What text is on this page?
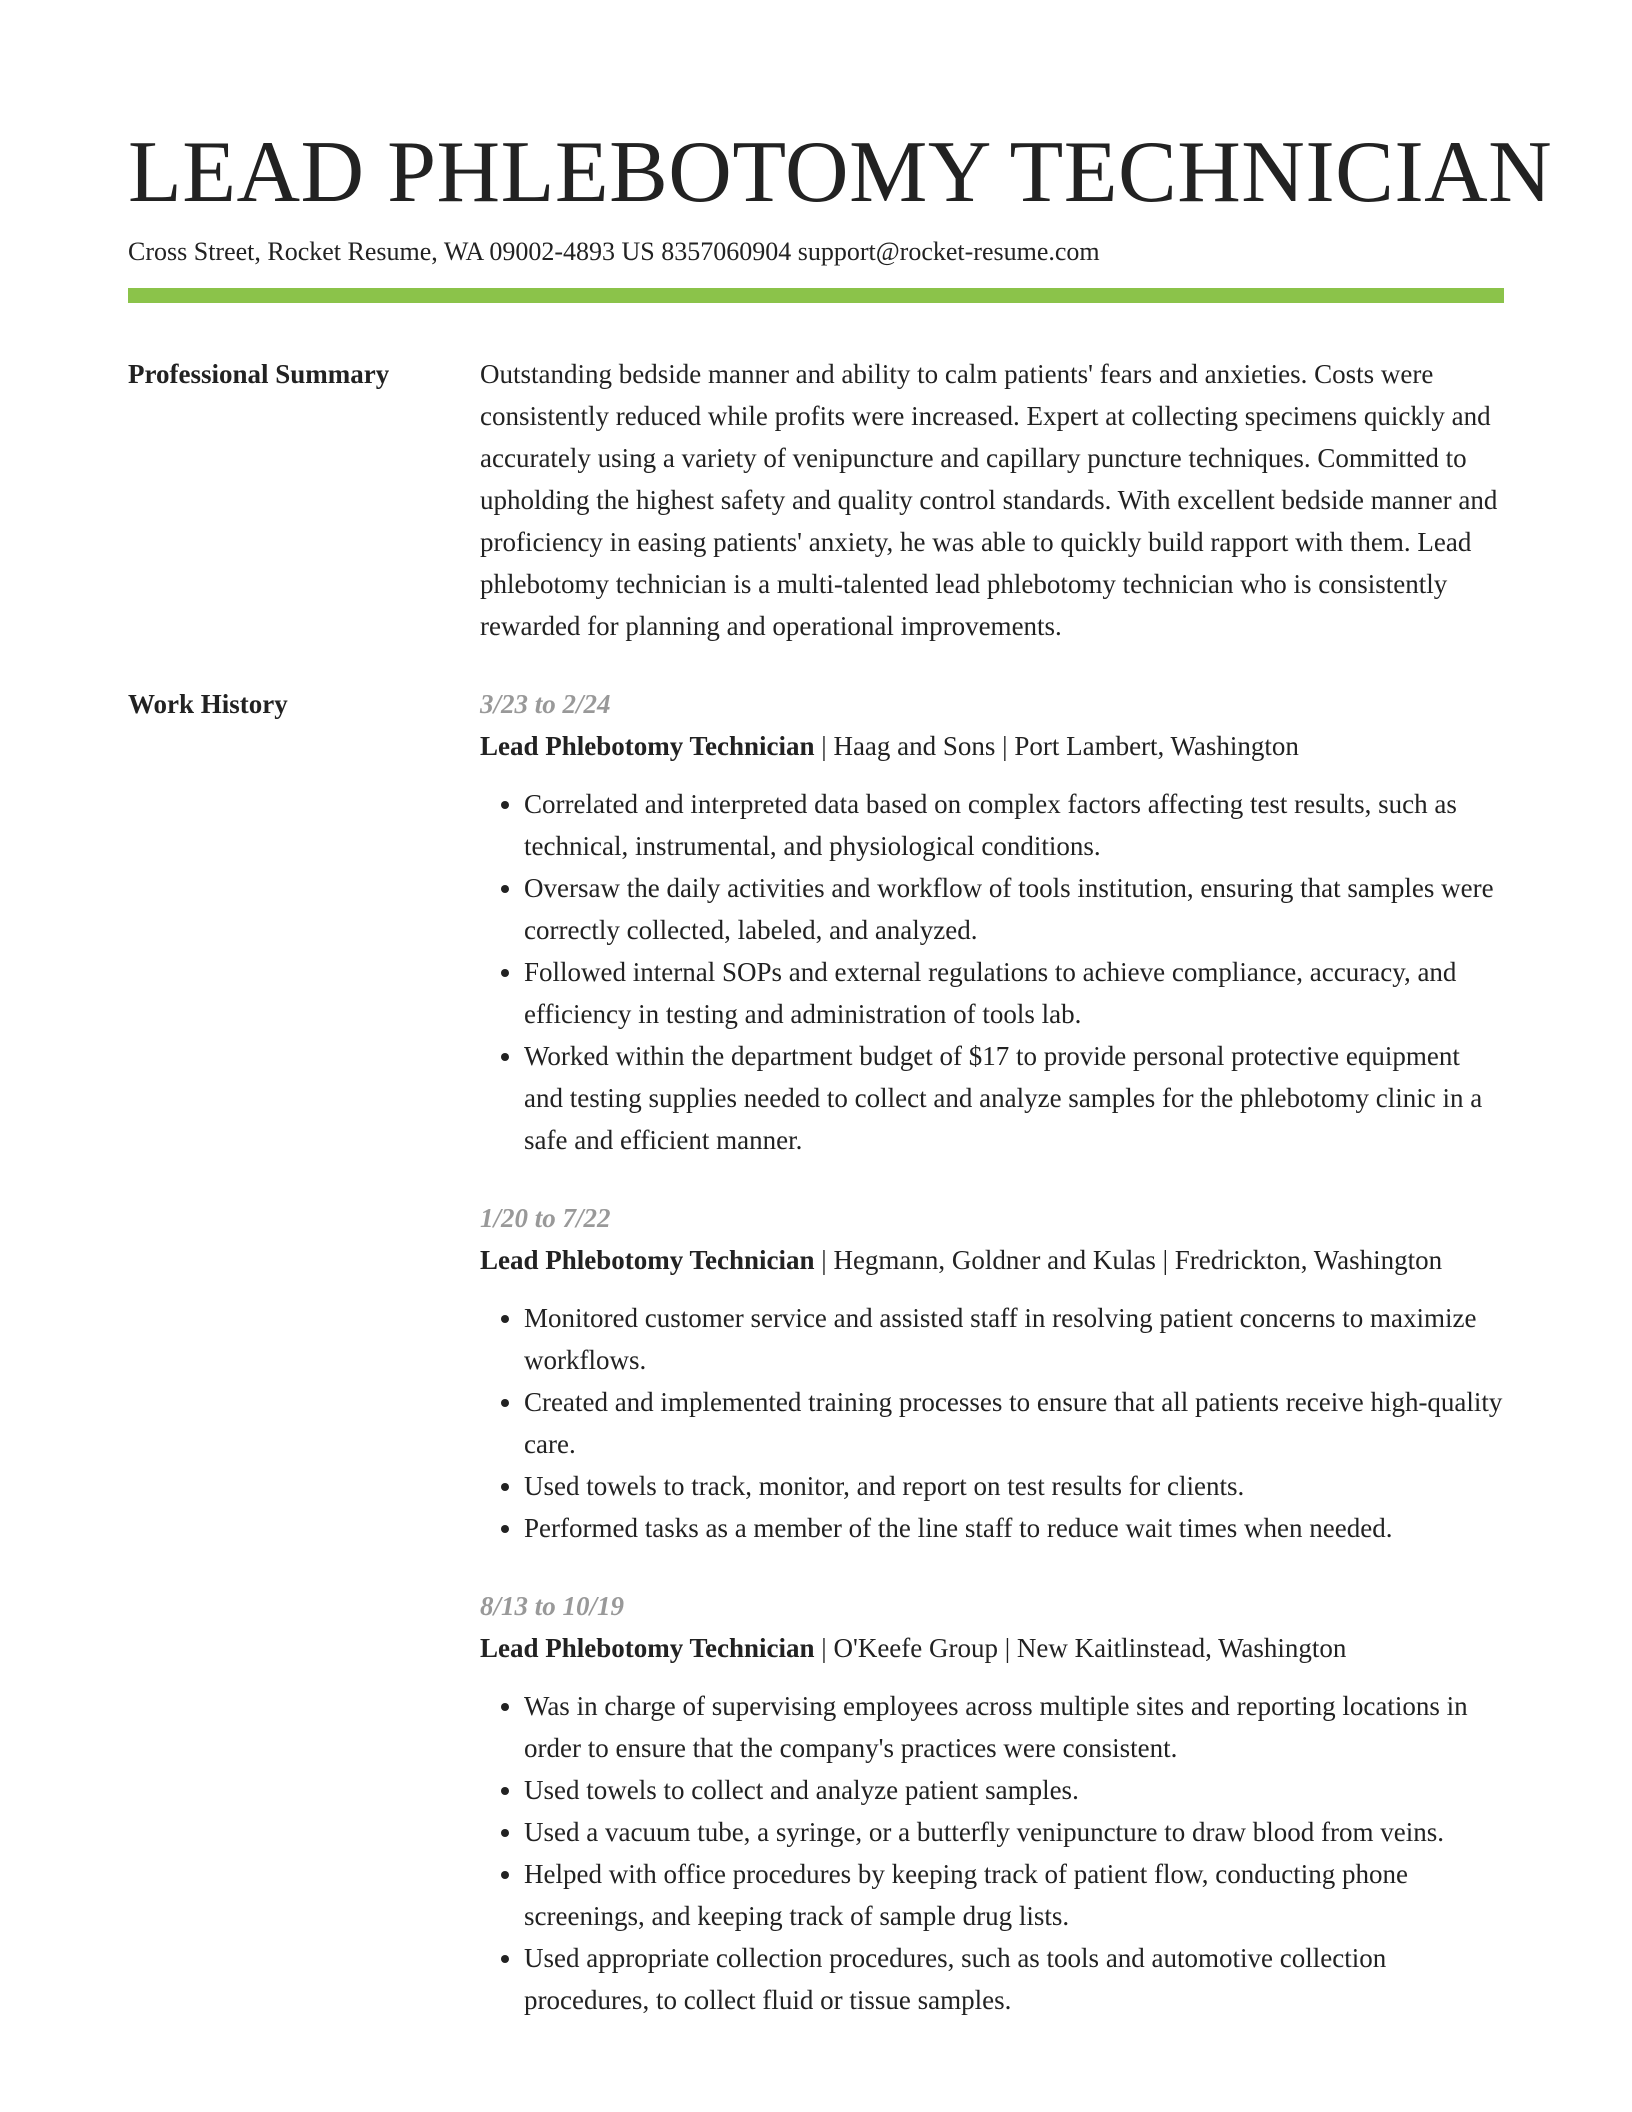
LEAD PHLEBOTOMY TECHNICIAN
Cross Street, Rocket Resume, WA 09002-4893 US 8357060904 support@rocket-resume.com
Professional Summary	Outstanding bedside manner and ability to calm patients' fears and anxieties. Costs were consistently reduced while profits were increased. Expert at collecting specimens quickly and accurately using a variety of venipuncture and capillary puncture techniques. Committed to upholding the highest safety and quality control standards. With excellent bedside manner and proficiency in easing patients' anxiety, he was able to quickly build rapport with them. Lead phlebotomy technician is a multi-talented lead phlebotomy technician who is consistently rewarded for planning and operational improvements.

Work History	3/23 to 2/24
Lead Phlebotomy Technician | Haag and Sons | Port Lambert, Washington
• Correlated and interpreted data based on complex factors affecting test results, such as technical, instrumental, and physiological conditions.
• Oversaw the daily activities and workflow of tools institution, ensuring that samples were correctly collected, labeled, and analyzed.
• Followed internal SOPs and external regulations to achieve compliance, accuracy, and efficiency in testing and administration of tools lab.
• Worked within the department budget of $17 to provide personal protective equipment and testing supplies needed to collect and analyze samples for the phlebotomy clinic in a safe and efficient manner.
1/20 to 7/22
Lead Phlebotomy Technician | Hegmann, Goldner and Kulas | Fredrickton, Washington
• Monitored customer service and assisted staff in resolving patient concerns to maximize workflows.
• Created and implemented training processes to ensure that all patients receive high-quality care.
• Used towels to track, monitor, and report on test results for clients.
• Performed tasks as a member of the line staff to reduce wait times when needed.
8/13 to 10/19
Lead Phlebotomy Technician | O'Keefe Group | New Kaitlinstead, Washington
• Was in charge of supervising employees across multiple sites and reporting locations in order to ensure that the company's practices were consistent.
• Used towels to collect and analyze patient samples.
• Used a vacuum tube, a syringe, or a butterfly venipuncture to draw blood from veins.
• Helped with office procedures by keeping track of patient flow, conducting phone screenings, and keeping track of sample drug lists.
• Used appropriate collection procedures, such as tools and automotive collection procedures, to collect fluid or tissue samples.
